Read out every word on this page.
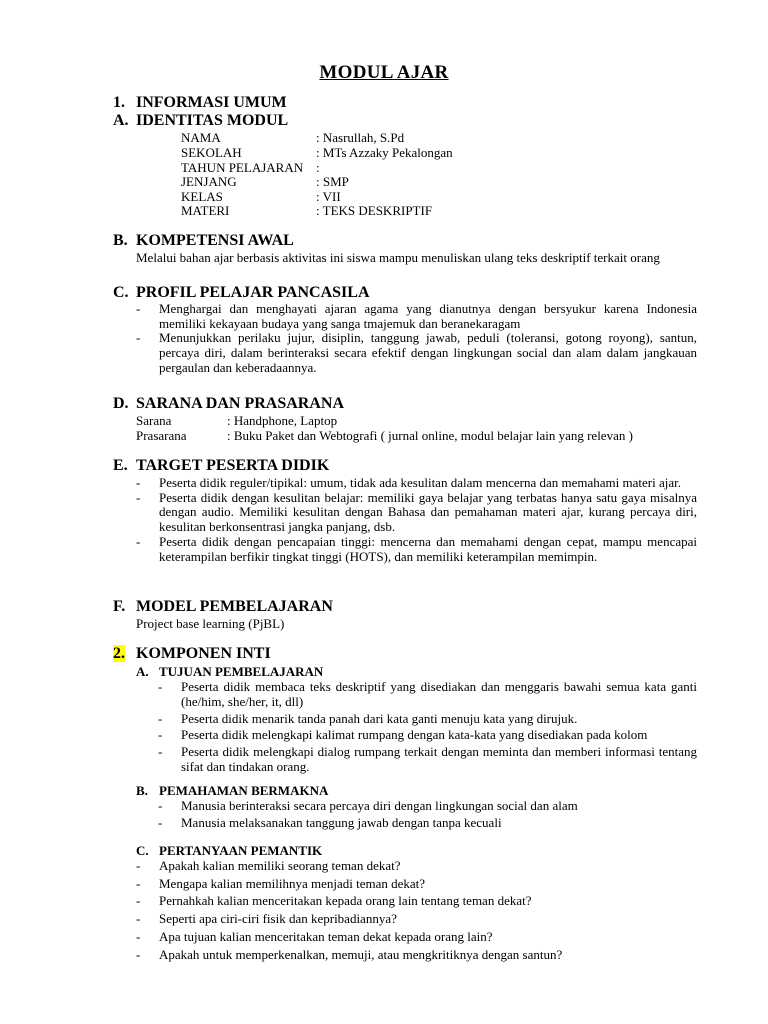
MODUL AJAR
1. INFORMASI UMUM
A. IDENTITAS MODUL
NAMA	: Nasrullah, S.Pd
SEKOLAH	: MTs Azzaky Pekalongan
TAHUN PELAJARAN :
JENJANG	: SMP
KELAS	: VII
MATERI	: TEKS DESKRIPTIF
B. KOMPETENSI AWAL
Melalui bahan ajar berbasis aktivitas ini siswa mampu menuliskan ulang teks deskriptif terkait orang
C. PROFIL PELAJAR PANCASILA
- Menghargai dan menghayati ajaran agama yang dianutnya dengan bersyukur karena Indonesia memiliki kekayaan budaya yang sanga tmajemuk dan beranekaragam
- Menunjukkan perilaku jujur, disiplin, tanggung jawab, peduli (toleransi, gotong royong), santun, percaya diri, dalam berinteraksi secara efektif dengan lingkungan social dan alam dalam jangkauan pergaulan dan keberadaannya.
D. SARANA DAN PRASARANA
Sarana	: Handphone, Laptop
Prasarana	: Buku Paket dan Webtografi ( jurnal online, modul belajar lain yang relevan )
E. TARGET PESERTA DIDIK
- Peserta didik reguler/tipikal: umum, tidak ada kesulitan dalam mencerna dan memahami materi ajar.
- Peserta didik dengan kesulitan belajar: memiliki gaya belajar yang terbatas hanya satu gaya misalnya dengan audio. Memiliki kesulitan dengan Bahasa dan pemahaman materi ajar, kurang percaya diri, kesulitan berkonsentrasi jangka panjang, dsb.
- Peserta didik dengan pencapaian tinggi: mencerna dan memahami dengan cepat, mampu mencapai keterampilan berfikir tingkat tinggi (HOTS), dan memiliki keterampilan memimpin.
F. MODEL PEMBELAJARAN
Project base learning (PjBL)
2. KOMPONEN INTI
A. TUJUAN PEMBELAJARAN
- Peserta didik membaca teks deskriptif yang disediakan dan menggaris bawahi semua kata ganti (he/him, she/her, it, dll)
- Peserta didik menarik tanda panah dari kata ganti menuju kata yang dirujuk.
- Peserta didik melengkapi kalimat rumpang dengan kata-kata yang disediakan pada kolom
- Peserta didik melengkapi dialog rumpang terkait dengan meminta dan memberi informasi tentang sifat dan tindakan orang.
B. PEMAHAMAN BERMAKNA
- Manusia berinteraksi secara percaya diri dengan lingkungan social dan alam
- Manusia melaksanakan tanggung jawab dengan tanpa kecuali
C. PERTANYAAN PEMANTIK
- Apakah kalian memiliki seorang teman dekat?
- Mengapa kalian memilihnya menjadi teman dekat?
- Pernahkah kalian menceritakan kepada orang lain tentang teman dekat?
- Seperti apa ciri-ciri fisik dan kepribadiannya?
- Apa tujuan kalian menceritakan teman dekat kepada orang lain?
- Apakah untuk memperkenalkan, memuji, atau mengkritiknya dengan santun?
